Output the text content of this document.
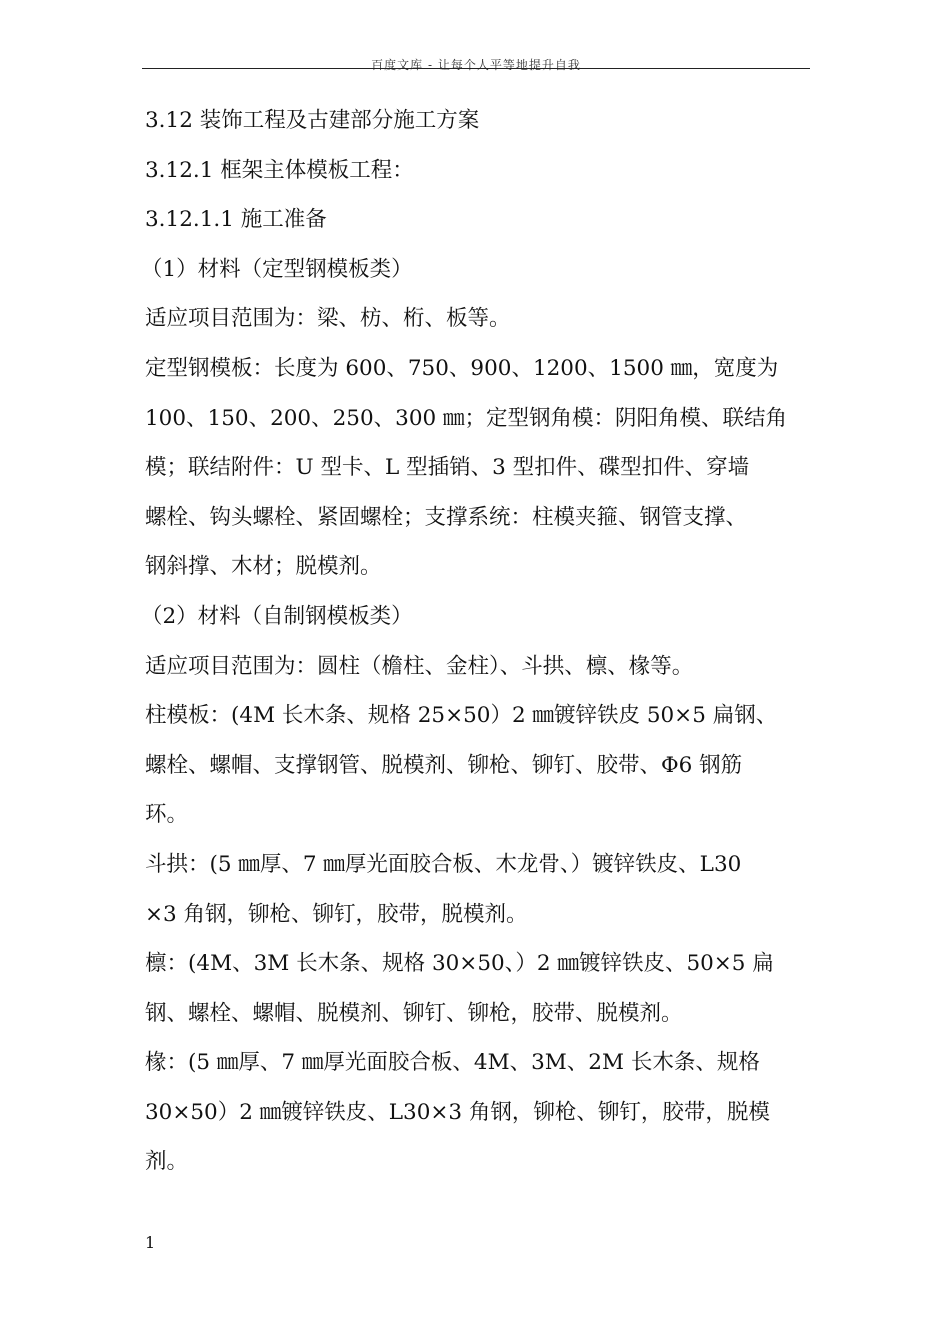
百度文库 - 让每个人平等地提升自我

3.12 装饰工程及古建部分施工方案

3.12.1 框架主体模板工程：

3.12.1.1 施工准备

（1）材料（定型钢模板类）

适应项目范围为：梁、枋、桁、板等。

定型钢模板：长度为 600、750、900、1200、1500 ㎜，宽度为

100、150、200、250、300 ㎜；定型钢角模：阴阳角模、联结角

模；联结附件：U 型卡、L 型插销、3 型扣件、碟型扣件、穿墙

螺栓、钩头螺栓、紧固螺栓；支撑系统：柱模夹箍、钢管支撑、

钢斜撑、木材；脱模剂。

（2）材料（自制钢模板类）

适应项目范围为：圆柱（檐柱、金柱）、斗拱、檩、椽等。

柱模板：(4M 长木条、规格 25×50）2 ㎜镀锌铁皮 50×5 扁钢、

螺栓、螺帽、支撑钢管、脱模剂、铆枪、铆钉、胶带、Φ6 钢筋

环。

斗拱：(5 ㎜厚、7 ㎜厚光面胶合板、木龙骨、）镀锌铁皮、L30

×3 角钢，铆枪、铆钉，胶带，脱模剂。

檩：(4M、3M 长木条、规格 30×50、）2 ㎜镀锌铁皮、50×5 扁

钢、螺栓、螺帽、脱模剂、铆钉、铆枪，胶带、脱模剂。

椽：(5 ㎜厚、7 ㎜厚光面胶合板、4M、3M、2M 长木条、规格

30×50）2 ㎜镀锌铁皮、L30×3 角钢，铆枪、铆钉，胶带，脱模

剂。

1
